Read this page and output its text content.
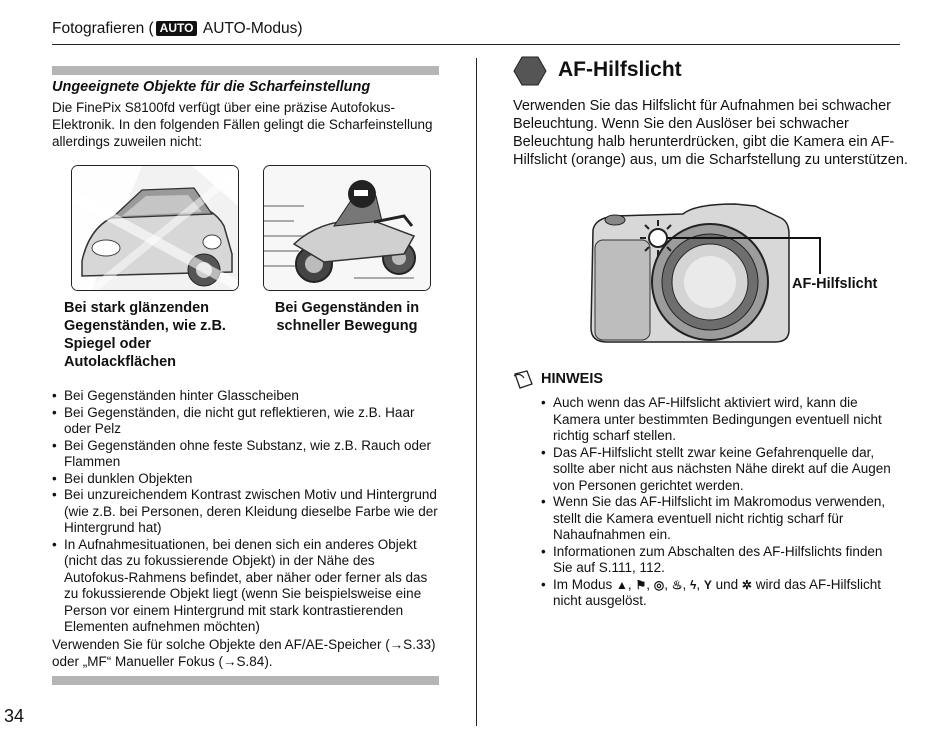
Fotografieren ( AUTO AUTO-Modus)
34
Ungeeignete Objekte für die Scharfeinstellung
Die FinePix S8100fd verfügt über eine präzise Autofokus-Elektronik. In den folgenden Fällen gelingt die Scharfeinstellung allerdings zuweilen nicht:
Bei stark glänzenden Gegenständen, wie z.B. Spiegel oder Autolackflächen
Bei Gegenständen in schneller Bewegung
• Bei Gegenständen hinter Glasscheiben
• Bei Gegenständen, die nicht gut reflektieren, wie z.B. Haar oder Pelz
• Bei Gegenständen ohne feste Substanz, wie z.B. Rauch oder Flammen
• Bei dunklen Objekten
• Bei unzureichendem Kontrast zwischen Motiv und Hintergrund (wie z.B. bei Personen, deren Kleidung dieselbe Farbe wie der Hintergrund hat)
• In Aufnahmesituationen, bei denen sich ein anderes Objekt (nicht das zu fokussierende Objekt) in der Nähe des Autofokus-Rahmens befindet, aber näher oder ferner als das zu fokussierende Objekt liegt (wenn Sie beispielsweise eine Person vor einem Hintergrund mit stark kontrastierenden Elementen aufnehmen möchten)
Verwenden Sie für solche Objekte den AF/AE-Speicher (→S.33) oder „MF“ Manueller Fokus (→S.84).
AF-Hilfslicht
Verwenden Sie das Hilfslicht für Aufnahmen bei schwacher Beleuchtung. Wenn Sie den Auslöser bei schwacher Beleuchtung halb herunterdrücken, gibt die Kamera ein AF-Hilfslicht (orange) aus, um die Scharfstellung zu unterstützen.
AF-Hilfslicht
HINWEIS
• Auch wenn das AF-Hilfslicht aktiviert wird, kann die Kamera unter bestimmten Bedingungen eventuell nicht richtig scharf stellen.
• Das AF-Hilfslicht stellt zwar keine Gefahrenquelle dar, sollte aber nicht aus nächsten Nähe direkt auf die Augen von Personen gerichtet werden.
• Wenn Sie das AF-Hilfslicht im Makromodus verwenden, stellt die Kamera eventuell nicht richtig scharf für Nahaufnahmen ein.
• Informationen zum Abschalten des AF-Hilfslichts finden Sie auf S.111, 112.
• Im Modus ▲, ⚑, ◎, ♨, ϟ, Y und ✲ wird das AF-Hilfslicht nicht ausgelöst.
